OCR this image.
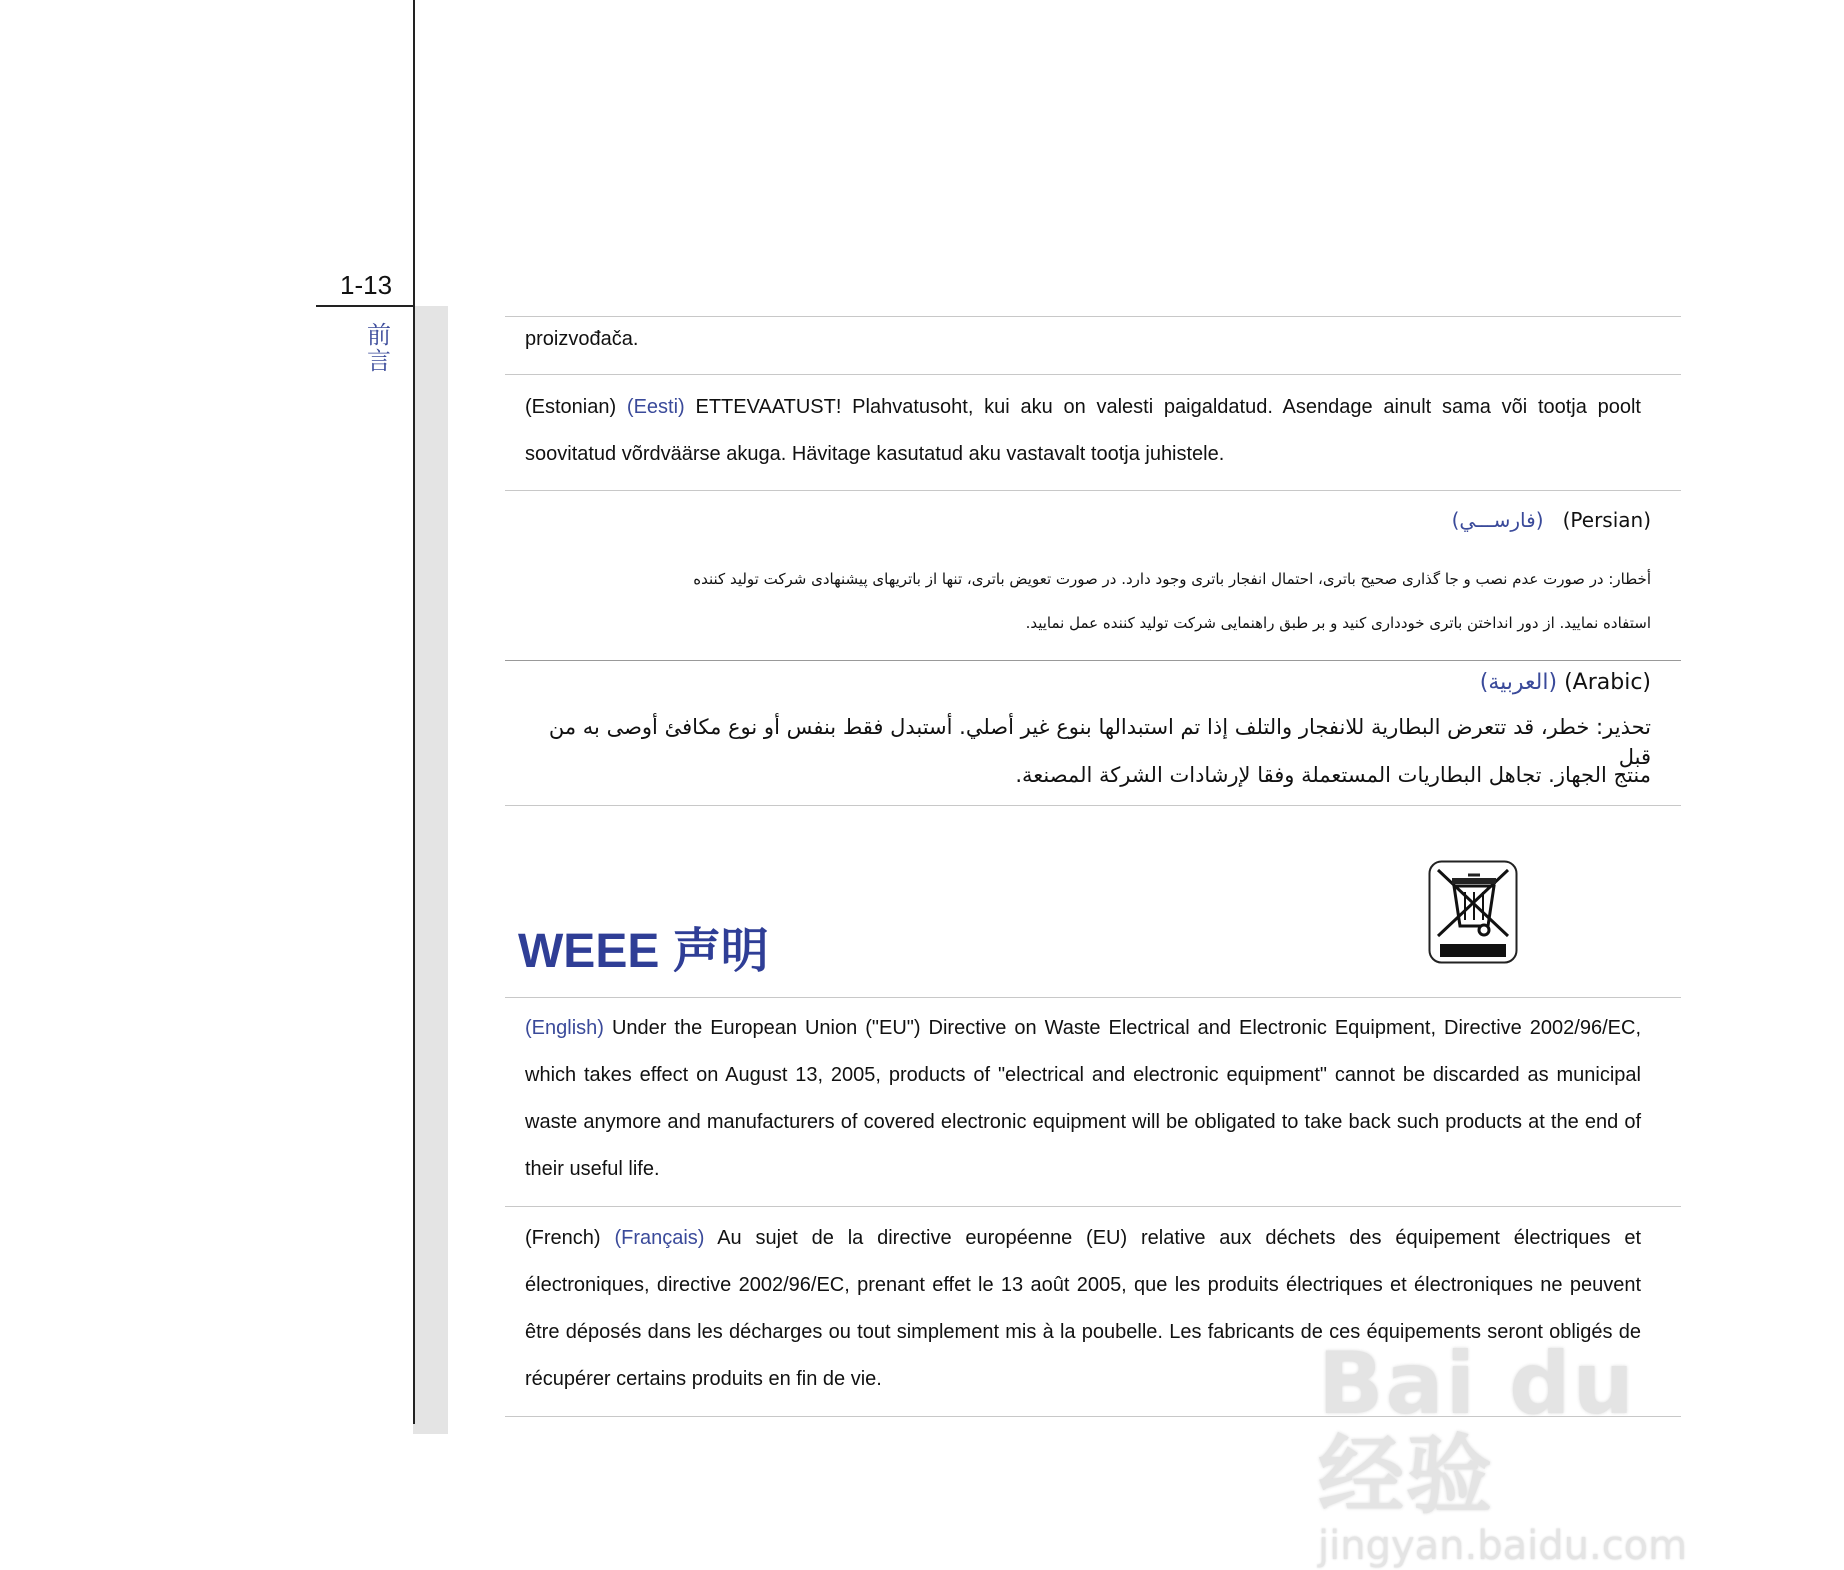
1-13
前言

proizvođača.

(Estonian) (Eesti) ETTEVAATUST! Plahvatusoht, kui aku on valesti paigaldatud. Asendage ainult sama või tootja poolt soovitatud võrdväärse akuga. Hävitage kasutatud aku vastavalt tootja juhistele.

(Persian)   (فارســـي)

أخطار: در صورت عدم نصب و جا گذاری صحیح باتری، احتمال انفجار باتری وجود دارد. در صورت تعویض باتری، تنها از باتریهای پیشنهادی شرکت تولید کننده

استفاده نمایید. از دور انداختن باتری خودداری کنید و بر طبق راهنمایی شرکت تولید کننده عمل نمایید.

(Arabic) (العربية)

تحذير: خطر، قد تتعرض البطارية للانفجار والتلف إذا تم استبدالها بنوع غير أصلي. أستبدل فقط بنفس أو نوع مكافئ أوصى به من قبل

منتج الجهاز. تجاهل البطاريات المستعملة وفقا لإرشادات الشركة المصنعة.

WEEE 声明

(English) Under the European Union ("EU") Directive on Waste Electrical and Electronic Equipment, Directive 2002/96/EC, which takes effect on August 13, 2005, products of "electrical and electronic equipment" cannot be discarded as municipal waste anymore and manufacturers of covered electronic equipment will be obligated to take back such products at the end of their useful life.

(French) (Français) Au sujet de la directive européenne (EU) relative aux déchets des équipement électriques et électroniques, directive 2002/96/EC, prenant effet le 13 août 2005, que les produits électriques et électroniques ne peuvent être déposés dans les décharges ou tout simplement mis à la poubelle. Les fabricants de ces équipements seront obligés de récupérer certains produits en fin de vie.	Bai du 经验
jingyan.baidu.com
